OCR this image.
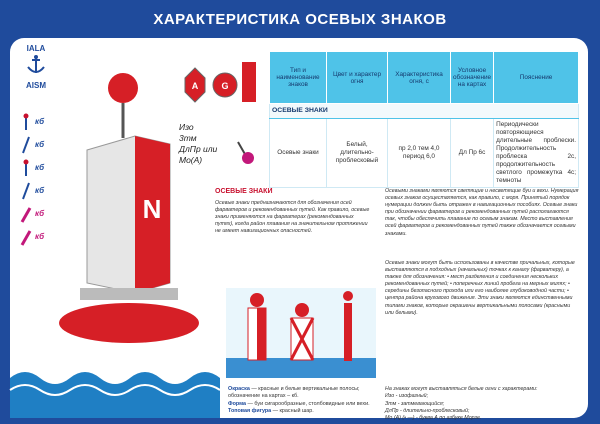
ХАРАКТЕРИСТИКА ОСЕВЫХ ЗНАКОВ
IALA
AISM
кб
кб
кб
кб
кб
кб
N
A	G
Изо
3тм
ДлПр или
Мо(А)
Тип и наименование знаков	Цвет и характер огня	Характеристика огня, с	Условное обозначение на картах	Пояснение
ОСЕВЫЕ ЗНАКИ				
Осевые знаки	Белый, длительно-проблесковый	пр 2,0 тем 4,0 период 6,0	Дл Пр 6с	Периодически повторяющиеся длительные проблески. Продолжительность проблеска 2с, продолжительность светлого промежутка 4с; темноты
ОСЕВЫЕ ЗНАКИ
Осевые знаки предназначаются для обозначения осей фарватеров и рекомендованных путей. Как правило, осевые знаки применяются на фарватерах (рекомендованных путях), когда район плавания на значительном протяжении не имеет навигационных опасностей.
Осевыми знаками являются светящие и несветящие буи и вехи. Нумерация осевых знаков осуществляется, как правило, с моря. Принятый порядок нумерации должен быть отражен в навигационных пособиях. Осевые знаки при обозначении фарватеров и рекомендованных путей располагаются так, чтобы обеспечить плавание по осевым знакам. Место выставления осей фарватеров и рекомендованных путей также обозначается осевыми знаками.
Осевые знаки могут быть использованы в качестве причальных, которые выставляются в подходных (начальных) точках к каналу (фарватеру), а также для обозначения: • мест разделения и соединения нескольких рекомендованных путей; • поперечных линий пробега на мерных милях; • середины безопасного прохода или его наиболее глубоководной части; • центра района кругового движения. Эти знаки являются единственными типами знаков, которые окрашены вертикальными полосами (красными или белыми).
Окраска — красные и белые вертикальные полосы; обозначение на картах – кб.
Форма — буи сигарообразные, столбовидные или вехи.
Топовая фигура — красный шар.
На знаках могут выставляться белые огни с характерами:
Изо - изофазный;
Зтм - затмевающийся;
ДлПр - длительно-проблесковый;
Мо (А) (• —) - буква А по азбуке Морзе.
